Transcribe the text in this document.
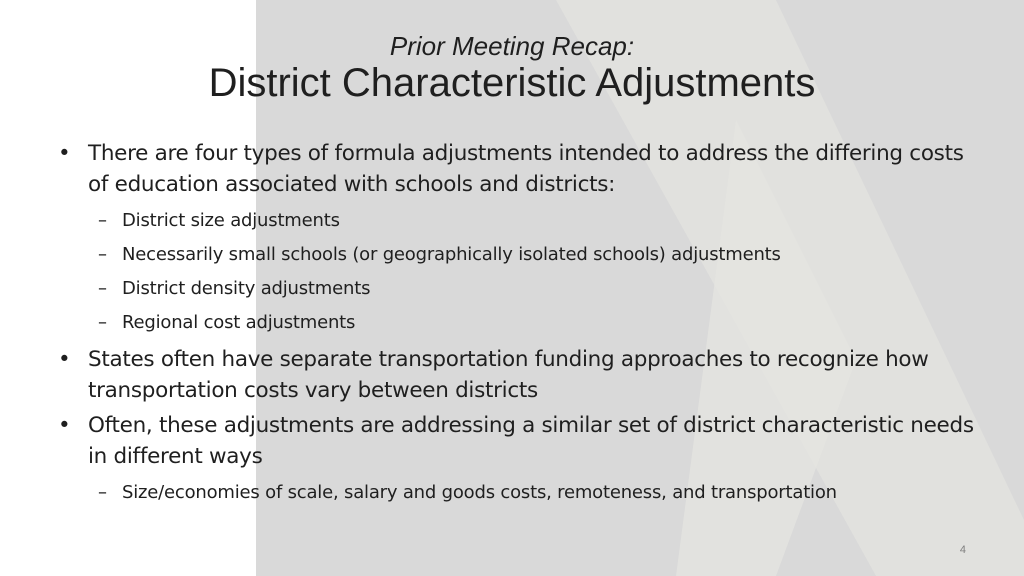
Prior Meeting Recap:
District Characteristic Adjustments
• There are four types of formula adjustments intended to address the differing costs of education associated with schools and districts:
– District size adjustments
– Necessarily small schools (or geographically isolated schools) adjustments
– District density adjustments
– Regional cost adjustments
• States often have separate transportation funding approaches to recognize how transportation costs vary between districts
• Often, these adjustments are addressing a similar set of district characteristic needs in different ways
– Size/economies of scale, salary and goods costs, remoteness, and transportation
4
